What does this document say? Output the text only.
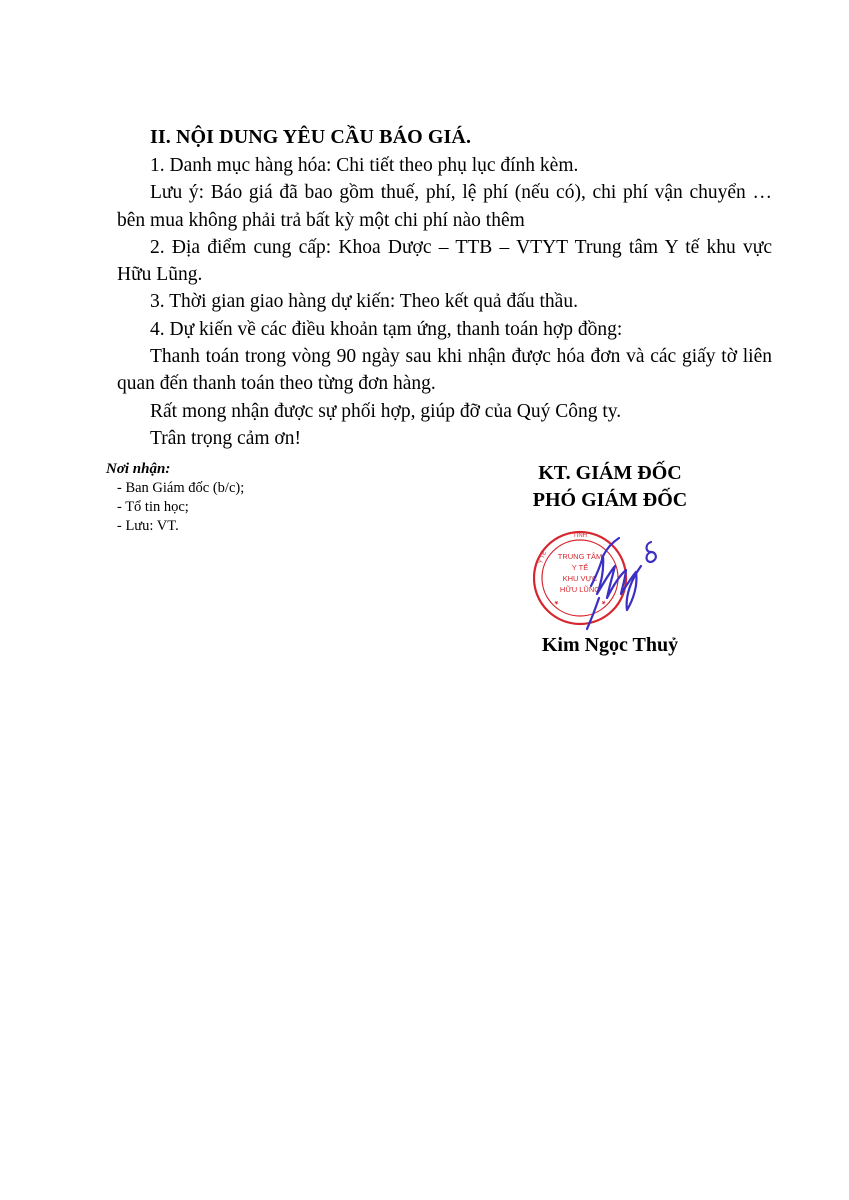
II. NỘI DUNG YÊU CẦU BÁO GIÁ.

1. Danh mục hàng hóa: Chi tiết theo phụ lục đính kèm.

Lưu ý: Báo giá đã bao gồm thuế, phí, lệ phí (nếu có), chi phí vận chuyển … bên mua không phải trả bất kỳ một chi phí nào thêm

2. Địa điểm cung cấp: Khoa Dược – TTB – VTYT Trung tâm Y tế khu vực Hữu Lũng.

3. Thời gian giao hàng dự kiến: Theo kết quả đấu thầu.

4. Dự kiến về các điều khoản tạm ứng, thanh toán hợp đồng:

Thanh toán trong vòng 90 ngày sau khi nhận được hóa đơn và các giấy tờ liên quan đến thanh toán theo từng đơn hàng.

Rất mong nhận được sự phối hợp, giúp đỡ của Quý Công ty.

Trân trọng cảm ơn!

Nơi nhận:

- Ban Giám đốc (b/c);
- Tổ tin học;
- Lưu: VT.

KT. GIÁM ĐỐC

PHÓ GIÁM ĐỐC

TỈNH
Y TẾ TRUNG TÂM
Y TẾ
KHU VỰC
HỮU LŨNG
★	★

Kim Ngọc Thuỷ
